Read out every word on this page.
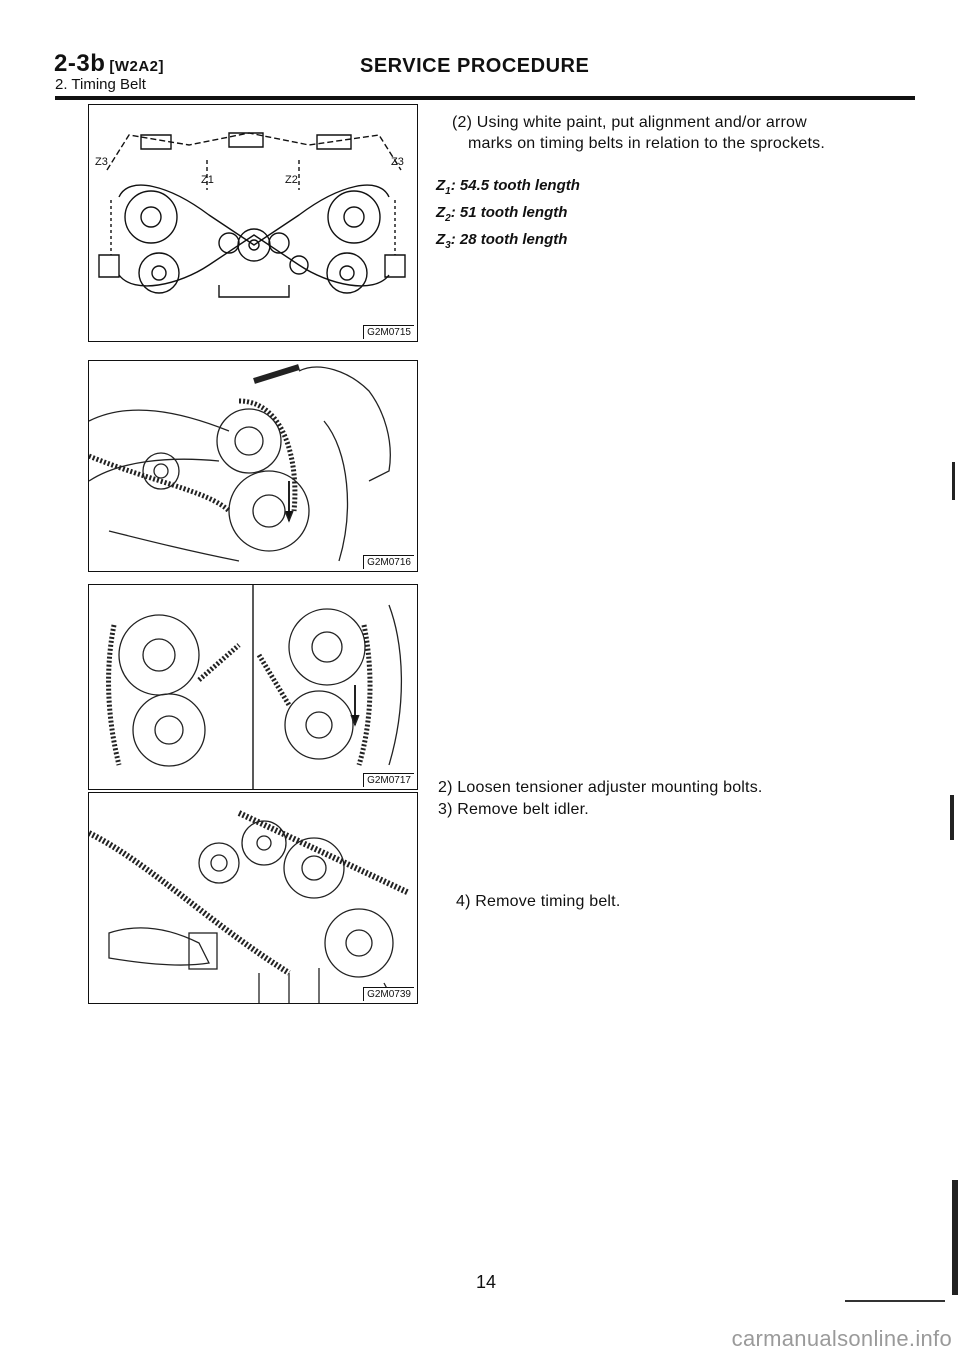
2-3b [W2A2]
2. Timing Belt
SERVICE PROCEDURE
Z3
Z1	Z2
Z3
G2M0715
G2M0716
G2M0717
G2M0739
(2) Using white paint, put alignment and/or arrow
marks on timing belts in relation to the sprockets.
$Z_1$: 54.5 tooth length
$Z_2$: 51 tooth length
$Z_3$: 28 tooth length
2) Loosen tensioner adjuster mounting bolts.
3) Remove belt idler.
4) Remove timing belt.
14
carmanualsonline.info
